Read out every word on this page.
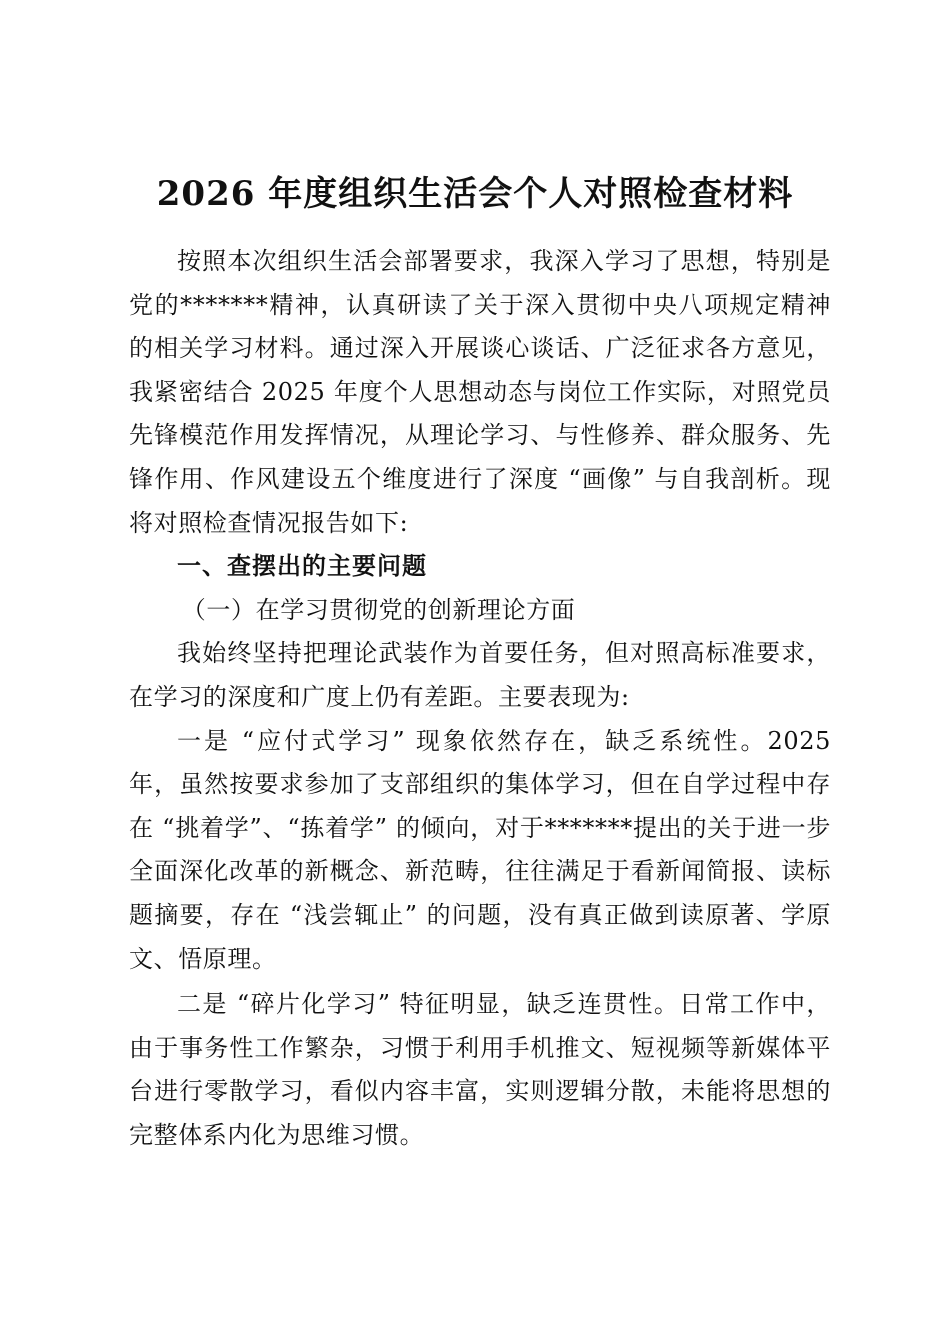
2026 年度组织生活会个人对照检查材料

按照本次组织生活会部署要求，我深入学习了思想，特别是党的*******精神，认真研读了关于深入贯彻中央八项规定精神的相关学习材料。通过深入开展谈心谈话、广泛征求各方意见，我紧密结合 2025 年度个人思想动态与岗位工作实际，对照党员先锋模范作用发挥情况，从理论学习、与性修养、群众服务、先锋作用、作风建设五个维度进行了深度 “画像” 与自我剖析。现将对照检查情况报告如下:

一、查摆出的主要问题

（一）在学习贯彻党的创新理论方面

我始终坚持把理论武装作为首要任务，但对照高标准要求，在学习的深度和广度上仍有差距。主要表现为:

一是 “应付式学习” 现象依然存在，缺乏系统性。2025 年，虽然按要求参加了支部组织的集体学习，但在自学过程中存在 “挑着学”、“拣着学” 的倾向，对于*******提出的关于进一步全面深化改革的新概念、新范畴，往往满足于看新闻简报、读标题摘要，存在 “浅尝辄止” 的问题，没有真正做到读原著、学原文、悟原理。

二是 “碎片化学习” 特征明显，缺乏连贯性。日常工作中，由于事务性工作繁杂，习惯于利用手机推文、短视频等新媒体平台进行零散学习，看似内容丰富，实则逻辑分散，未能将思想的完整体系内化为思维习惯。
